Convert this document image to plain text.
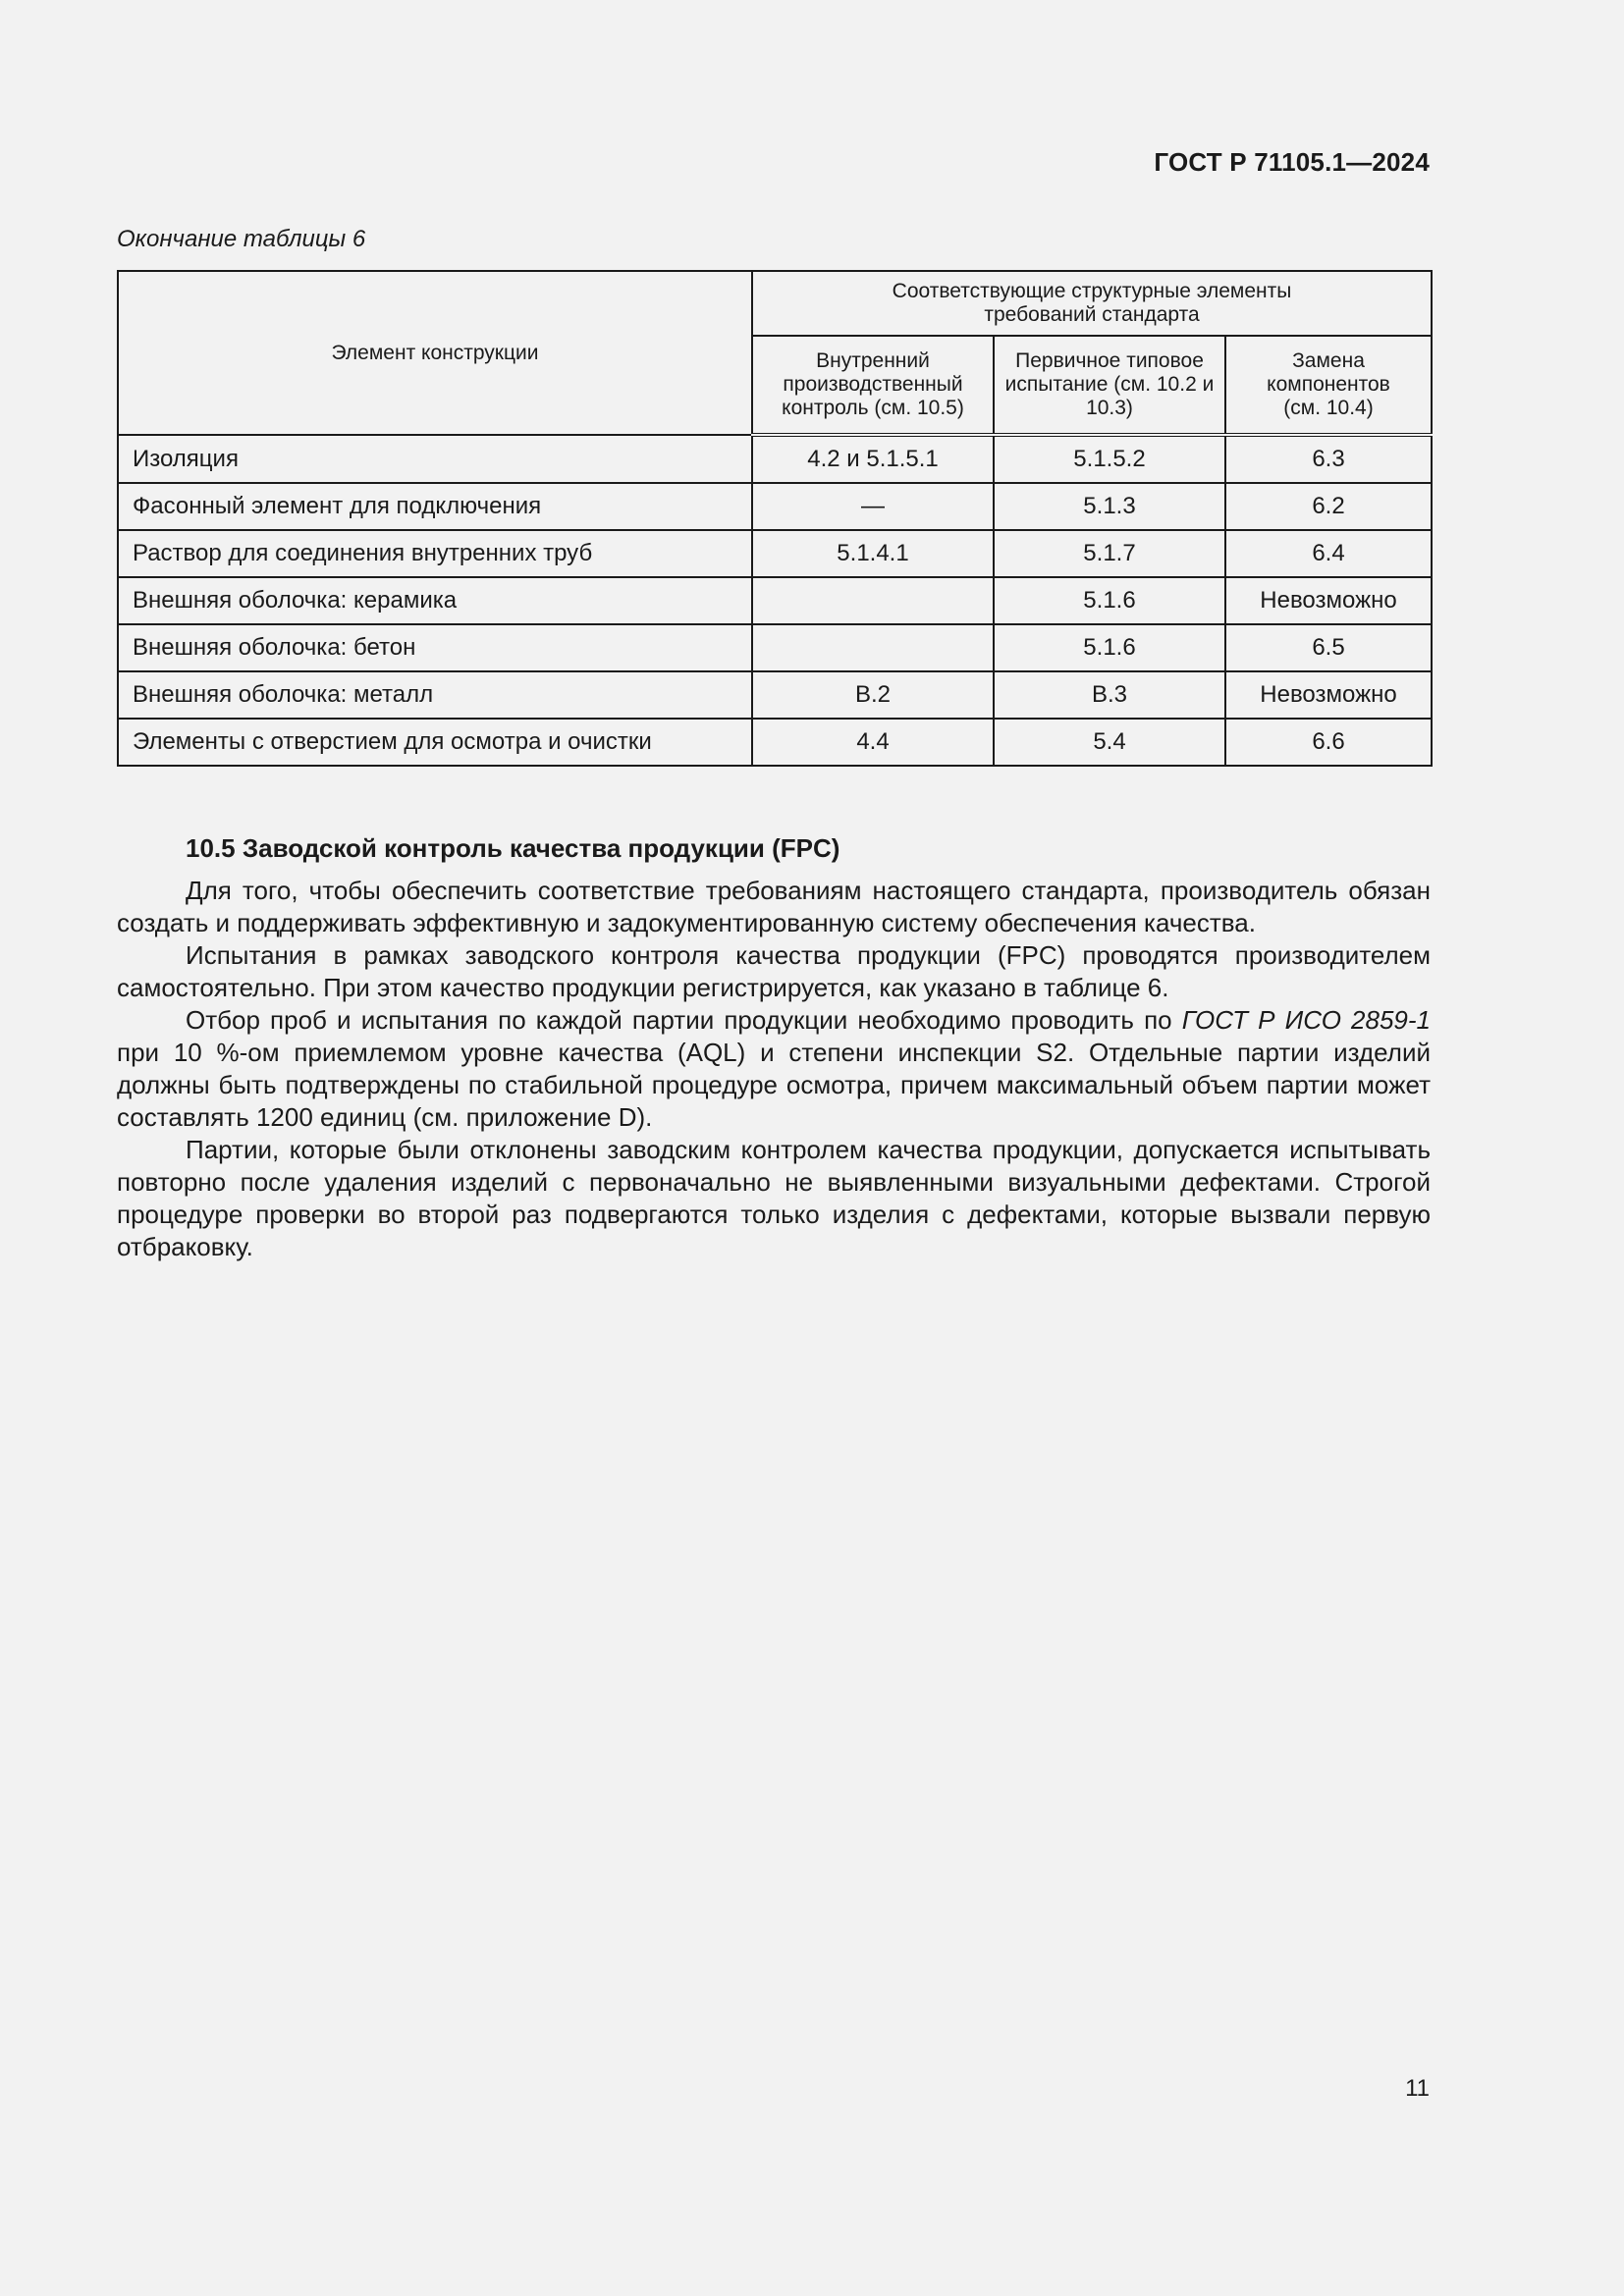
ГОСТ Р 71105.1—2024
Окончание таблицы 6
Элемент конструкции	Соответствующие структурные элементы требований стандарта		
	Внутренний производственный контроль (см. 10.5)	Первичное типовое испытание (см. 10.2 и 10.3)	Замена компонентов (см. 10.4)
Изоляция	4.2 и 5.1.5.1	5.1.5.2	6.3
Фасонный элемент для подключения	—	5.1.3	6.2
Раствор для соединения внутренних труб	5.1.4.1	5.1.7	6.4
Внешняя оболочка: керамика		5.1.6	Невозможно
Внешняя оболочка: бетон		5.1.6	6.5
Внешняя оболочка: металл	B.2	B.3	Невозможно
Элементы с отверстием для осмотра и очистки	4.4	5.4	6.6
10.5 Заводской контроль качества продукции (FPC)

Для того, чтобы обеспечить соответствие требованиям настоящего стандарта, производитель обязан создать и поддерживать эффективную и задокументированную систему обеспечения качества.

Испытания в рамках заводского контроля качества продукции (FPC) проводятся производителем самостоятельно. При этом качество продукции регистрируется, как указано в таблице 6.

Отбор проб и испытания по каждой партии продукции необходимо проводить по ГОСТ Р ИСО 2859-1 при 10 %-ом приемлемом уровне качества (AQL) и степени инспекции S2. Отдельные партии изделий должны быть подтверждены по стабильной процедуре осмотра, причем максимальный объем партии может составлять 1200 единиц (см. приложение D).

Партии, которые были отклонены заводским контролем качества продукции, допускается испытывать повторно после удаления изделий с первоначально не выявленными визуальными дефектами. Строгой процедуре проверки во второй раз подвергаются только изделия с дефектами, которые вызвали первую отбраковку.

11
